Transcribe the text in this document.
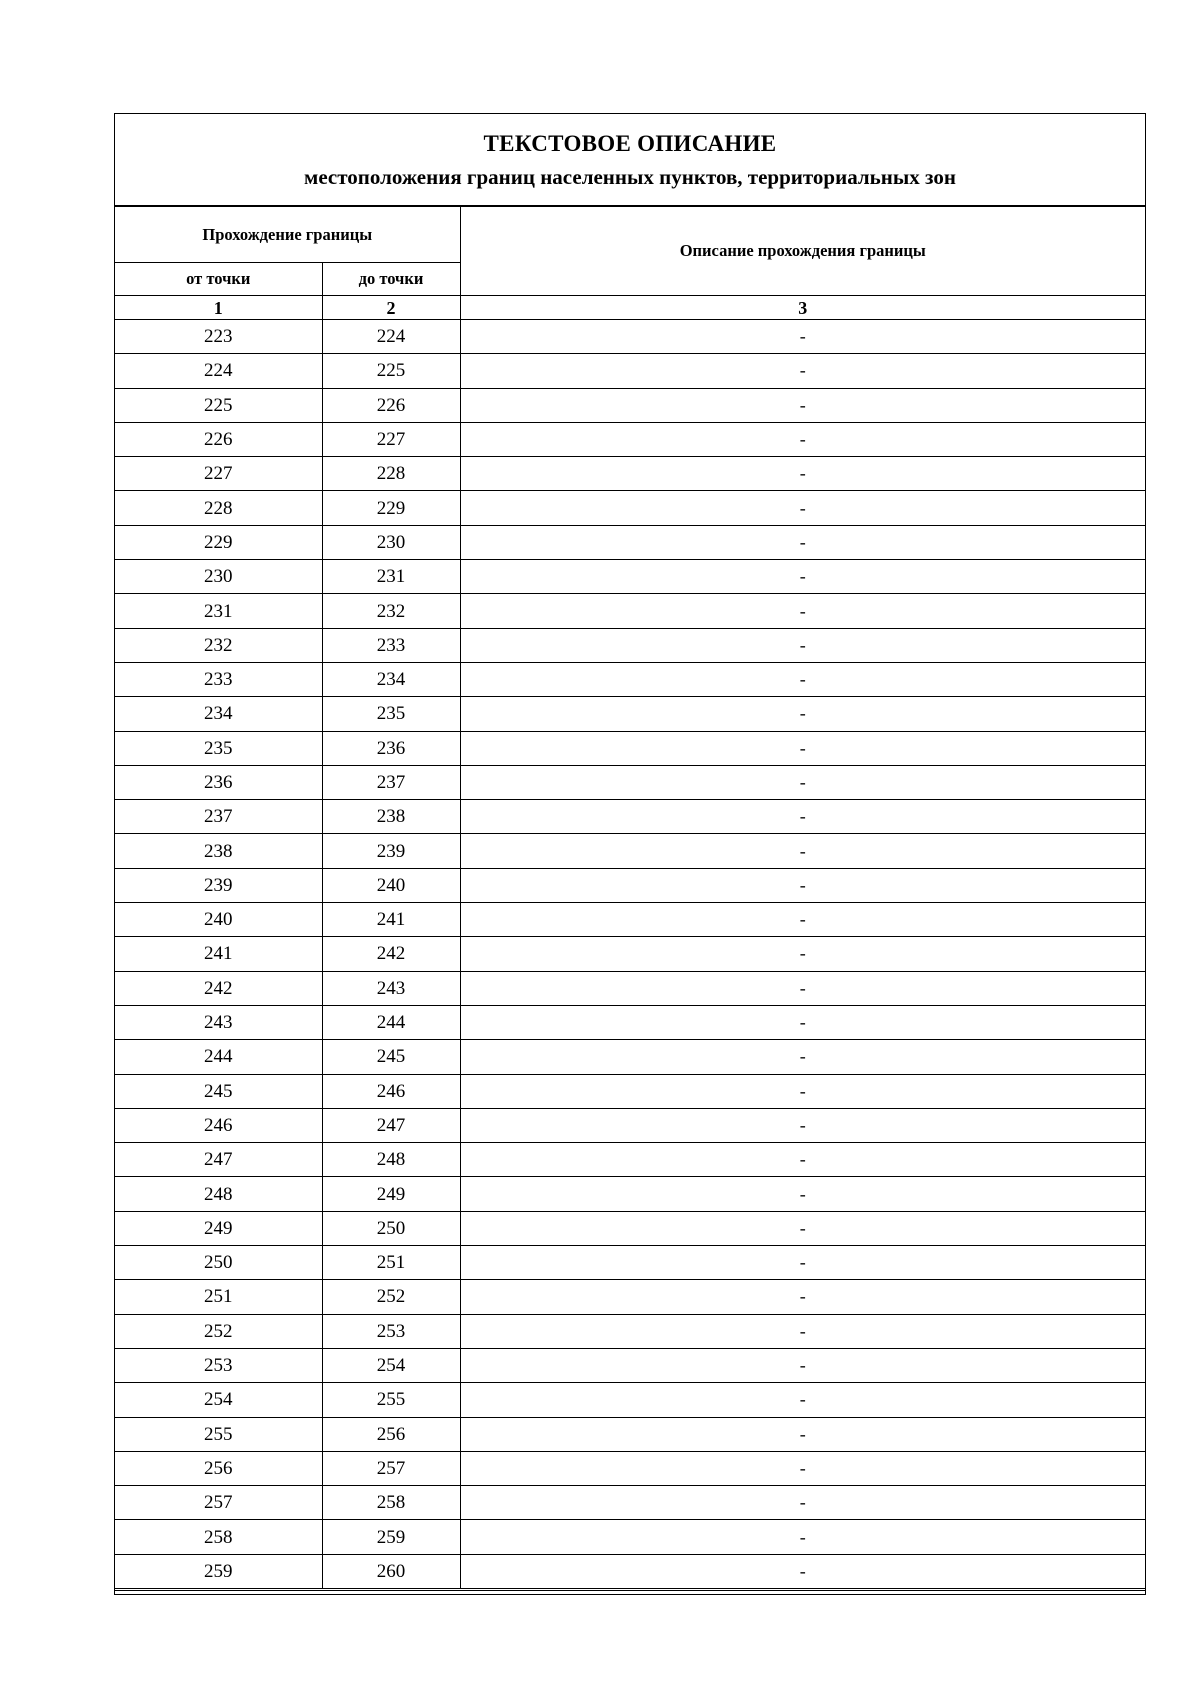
ТЕКСТОВОЕ ОПИСАНИЕ
местоположения границ населенных пунктов, территориальных зон
Прохождение границы		Описание прохождения границы
от точки	до точки	
1	2	3
223	224	-
224	225	-
225	226	-
226	227	-
227	228	-
228	229	-
229	230	-
230	231	-
231	232	-
232	233	-
233	234	-
234	235	-
235	236	-
236	237	-
237	238	-
238	239	-
239	240	-
240	241	-
241	242	-
242	243	-
243	244	-
244	245	-
245	246	-
246	247	-
247	248	-
248	249	-
249	250	-
250	251	-
251	252	-
252	253	-
253	254	-
254	255	-
255	256	-
256	257	-
257	258	-
258	259	-
259	260	-
